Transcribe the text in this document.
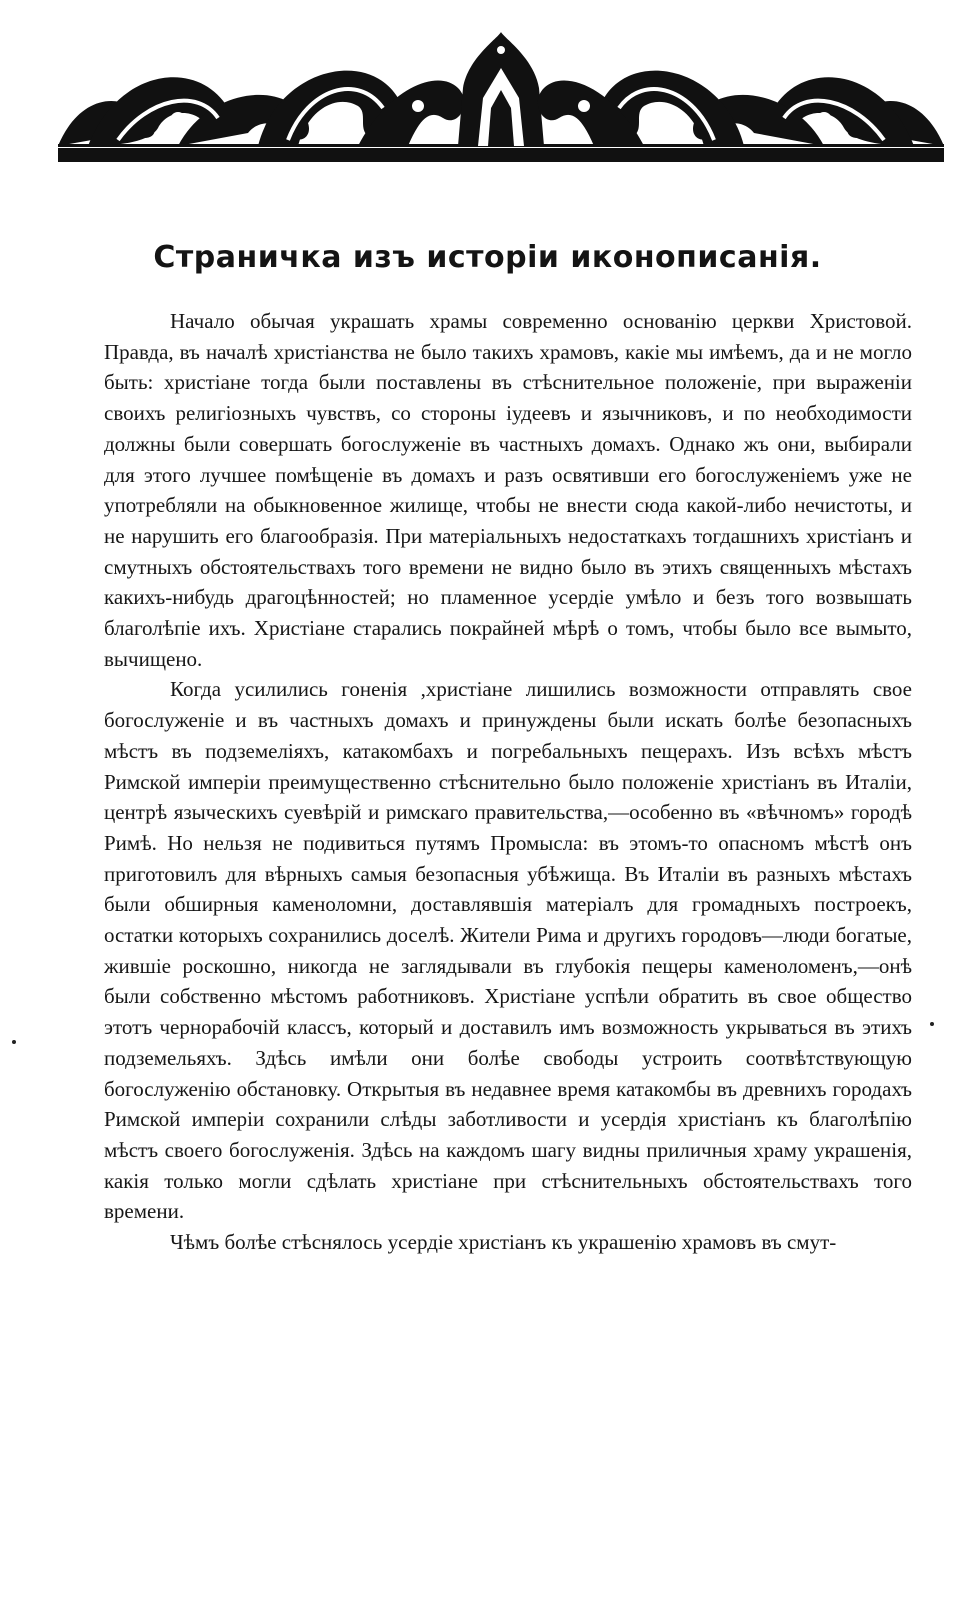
Страничка изъ исторіи иконописанія.

Начало обычая украшать храмы современно основанію церкви Христовой. Правда, въ началѣ христіанства не было такихъ храмовъ, какіе мы имѣемъ, да и не могло быть: христіане тогда были поставлены въ стѣснительное положеніе, при выраженіи своихъ религіозныхъ чувствъ, со стороны іудеевъ и язычниковъ, и по необходимости должны были совершать богослуженіе въ частныхъ домахъ. Однако жъ они, выбирали для этого лучшее помѣщеніе въ домахъ и разъ освятивши его богослуженіемъ уже не употребляли на обыкновенное жилище, чтобы не внести сюда какой-либо нечистоты, и не нарушить его благообразія. При матеріальныхъ недостаткахъ тогдашнихъ христіанъ и смутныхъ обстоятельствахъ того времени не видно было въ этихъ священныхъ мѣстахъ какихъ-нибудь драгоцѣнностей; но пламенное усердіе умѣло и безъ того возвышать благолѣпіе ихъ. Христіане старались покрайней мѣрѣ о томъ, чтобы было все вымыто, вычищено.

Когда усилились гоненія ,христіане лишились возможности отправлять свое богослуженіе и въ частныхъ домахъ и принуждены были искать болѣе безопасныхъ мѣстъ въ подземеліяхъ, катакомбахъ и погребальныхъ пещерахъ. Изъ всѣхъ мѣстъ Римской имперіи преимущественно стѣснительно было положеніе христіанъ въ Италіи, центрѣ языческихъ суевѣрій и римскаго правительства,—особенно въ «вѣчномъ» городѣ Римѣ. Но нельзя не подивиться путямъ Промысла: въ этомъ-то опасномъ мѣстѣ онъ приготовилъ для вѣрныхъ самыя безопасныя убѣжища. Въ Италіи въ разныхъ мѣстахъ были обширныя каменоломни, доставлявшія матеріалъ для громадныхъ построекъ, остатки которыхъ сохранились доселѣ. Жители Рима и другихъ городовъ—люди богатые, жившіе роскошно, никогда не заглядывали въ глубокія пещеры каменоломенъ,—онѣ были собственно мѣстомъ работниковъ. Христіане успѣли обратить въ свое общество этотъ чернорабочій классъ, который и доставилъ имъ возможность укрываться въ этихъ подземельяхъ. Здѣсь имѣли они болѣе свободы устроить соотвѣтствующую богослуженію обстановку. Открытыя въ недавнее время катакомбы въ древнихъ городахъ Римской имперіи сохранили слѣды заботливости и усердія христіанъ къ благолѣпію мѣстъ своего богослуженія. Здѣсь на каждомъ шагу видны приличныя храму украшенія, какія только могли сдѣлать христіане при стѣснительныхъ обстоятельствахъ того времени.

Чѣмъ болѣе стѣснялось усердіе христіанъ къ украшенію храмовъ въ смут-
